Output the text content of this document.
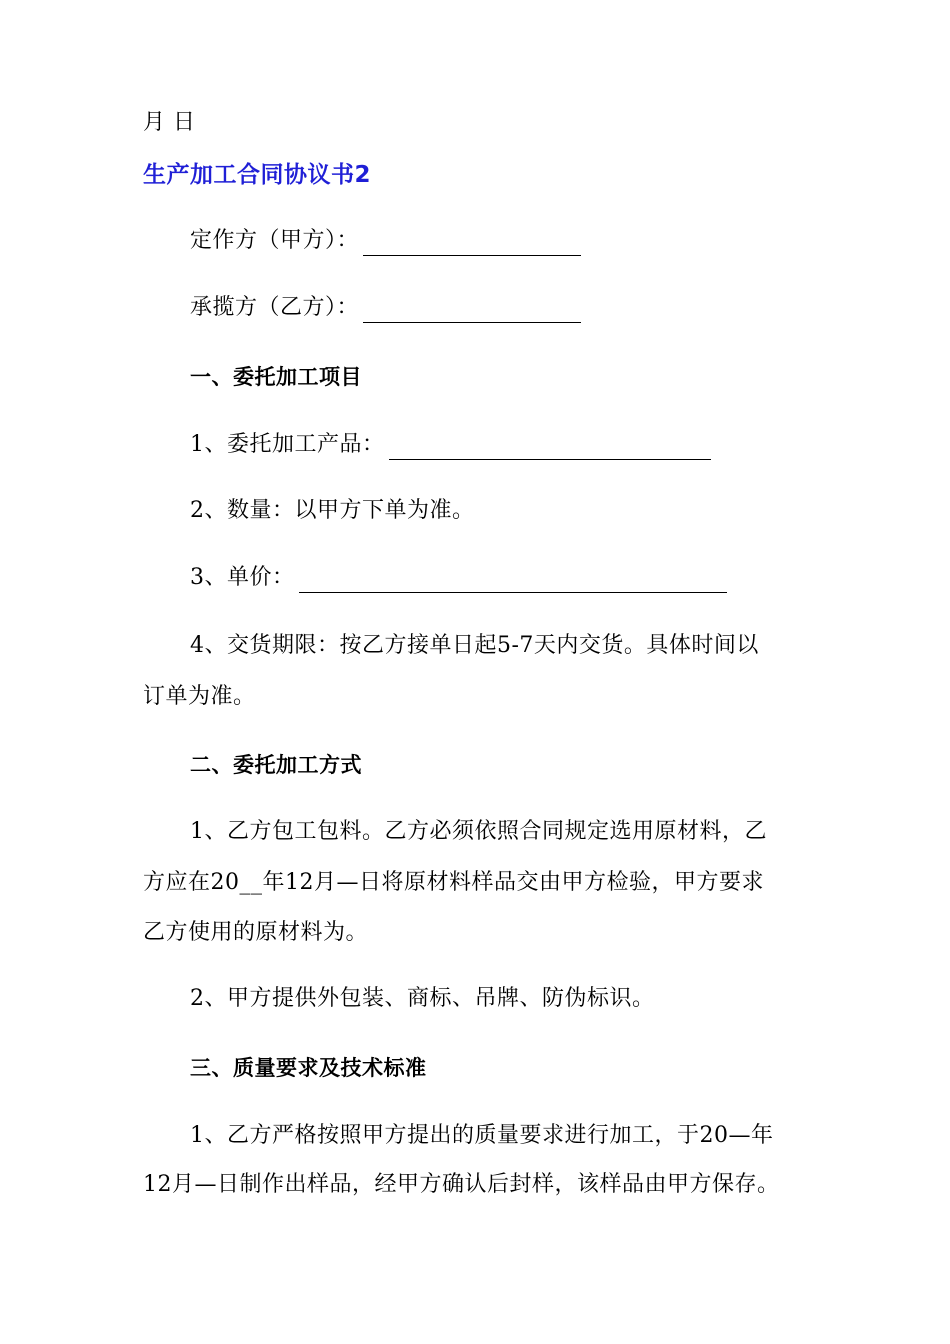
月 日
生产加工合同协议书2
定作方（甲方）：
承揽方（乙方）：
一、委托加工项目
1、委托加工产品：
2、数量：以甲方下单为准。
3、单价：
4、交货期限：按乙方接单日起5-7天内交货。具体时间以
订单为准。
二、委托加工方式
1、乙方包工包料。乙方必须依照合同规定选用原材料，乙
方应在20__年12月—日将原材料样品交由甲方检验，甲方要求
乙方使用的原材料为。
2、甲方提供外包装、商标、吊牌、防伪标识。
三、质量要求及技术标准
1、乙方严格按照甲方提出的质量要求进行加工，于20—年
12月—日制作出样品，经甲方确认后封样，该样品由甲方保存。
